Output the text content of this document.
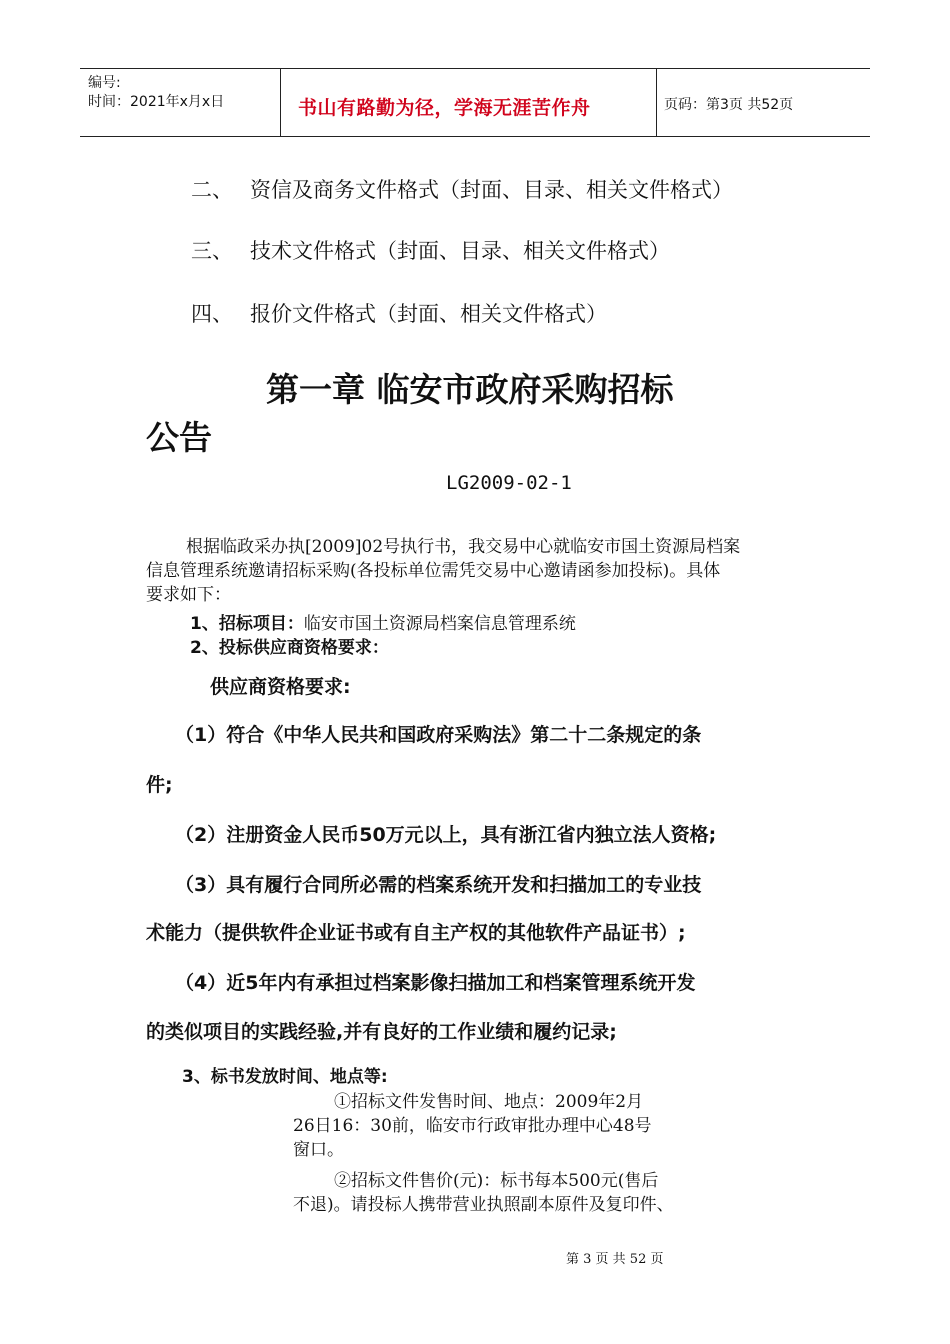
编号:
时间：2021年x月x日	书山有路勤为径，学海无涯苦作舟	页码：第3页 共52页
二、 资信及商务文件格式（封面、目录、相关文件格式）
三、 技术文件格式（封面、目录、相关文件格式）
四、 报价文件格式（封面、相关文件格式）
第一章 临安市政府采购招标
公告
LG2009-02-1
根据临政采办执[2009]02号执行书，我交易中心就临安市国土资源局档案
信息管理系统邀请招标采购(各投标单位需凭交易中心邀请函参加投标)。具体
要求如下：
1、招标项目：临安市国土资源局档案信息管理系统
2、投标供应商资格要求：
供应商资格要求:
（1）符合《中华人民共和国政府采购法》第二十二条规定的条
件;
（2）注册资金人民币50万元以上，具有浙江省内独立法人资格;
（3）具有履行合同所必需的档案系统开发和扫描加工的专业技
术能力（提供软件企业证书或有自主产权的其他软件产品证书）;
（4）近5年内有承担过档案影像扫描加工和档案管理系统开发
的类似项目的实践经验,并有良好的工作业绩和履约记录;
3、标书发放时间、地点等:
①招标文件发售时间、地点：2009年2月
26日16：30前，临安市行政审批办理中心48号
窗口。
②招标文件售价(元)：标书每本500元(售后
不退)。请投标人携带营业执照副本原件及复印件、
第 3 页 共 52 页
